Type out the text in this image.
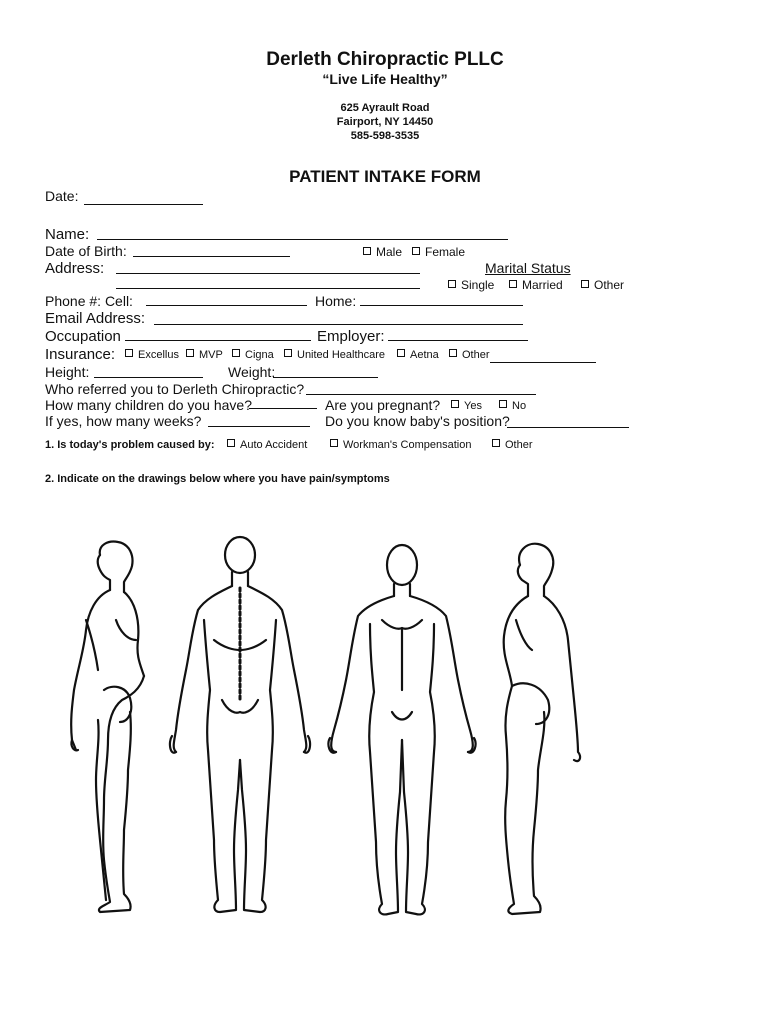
Derleth Chiropractic PLLC
“Live Life Healthy”
625 Ayrault Road
Fairport, NY 14450
585-598-3535
PATIENT INTAKE FORM
Date:
Name:
Date of Birth:	Male	Female
Address:	Marital Status
Single	Married	Other
Phone #: Cell:	Home:
Email Address:
Occupation	Employer:
Insurance:	Excellus	MVP	Cigna	United Healthcare	Aetna	Other
Height:	Weight:
Who referred you to Derleth Chiropractic?
How many children do you have?	Are you pregnant?	Yes	No
If yes, how many weeks?	Do you know baby's position?
1. Is today's problem caused by:	Auto Accident	Workman's Compensation	Other
2. Indicate on the drawings below where you have pain/symptoms
